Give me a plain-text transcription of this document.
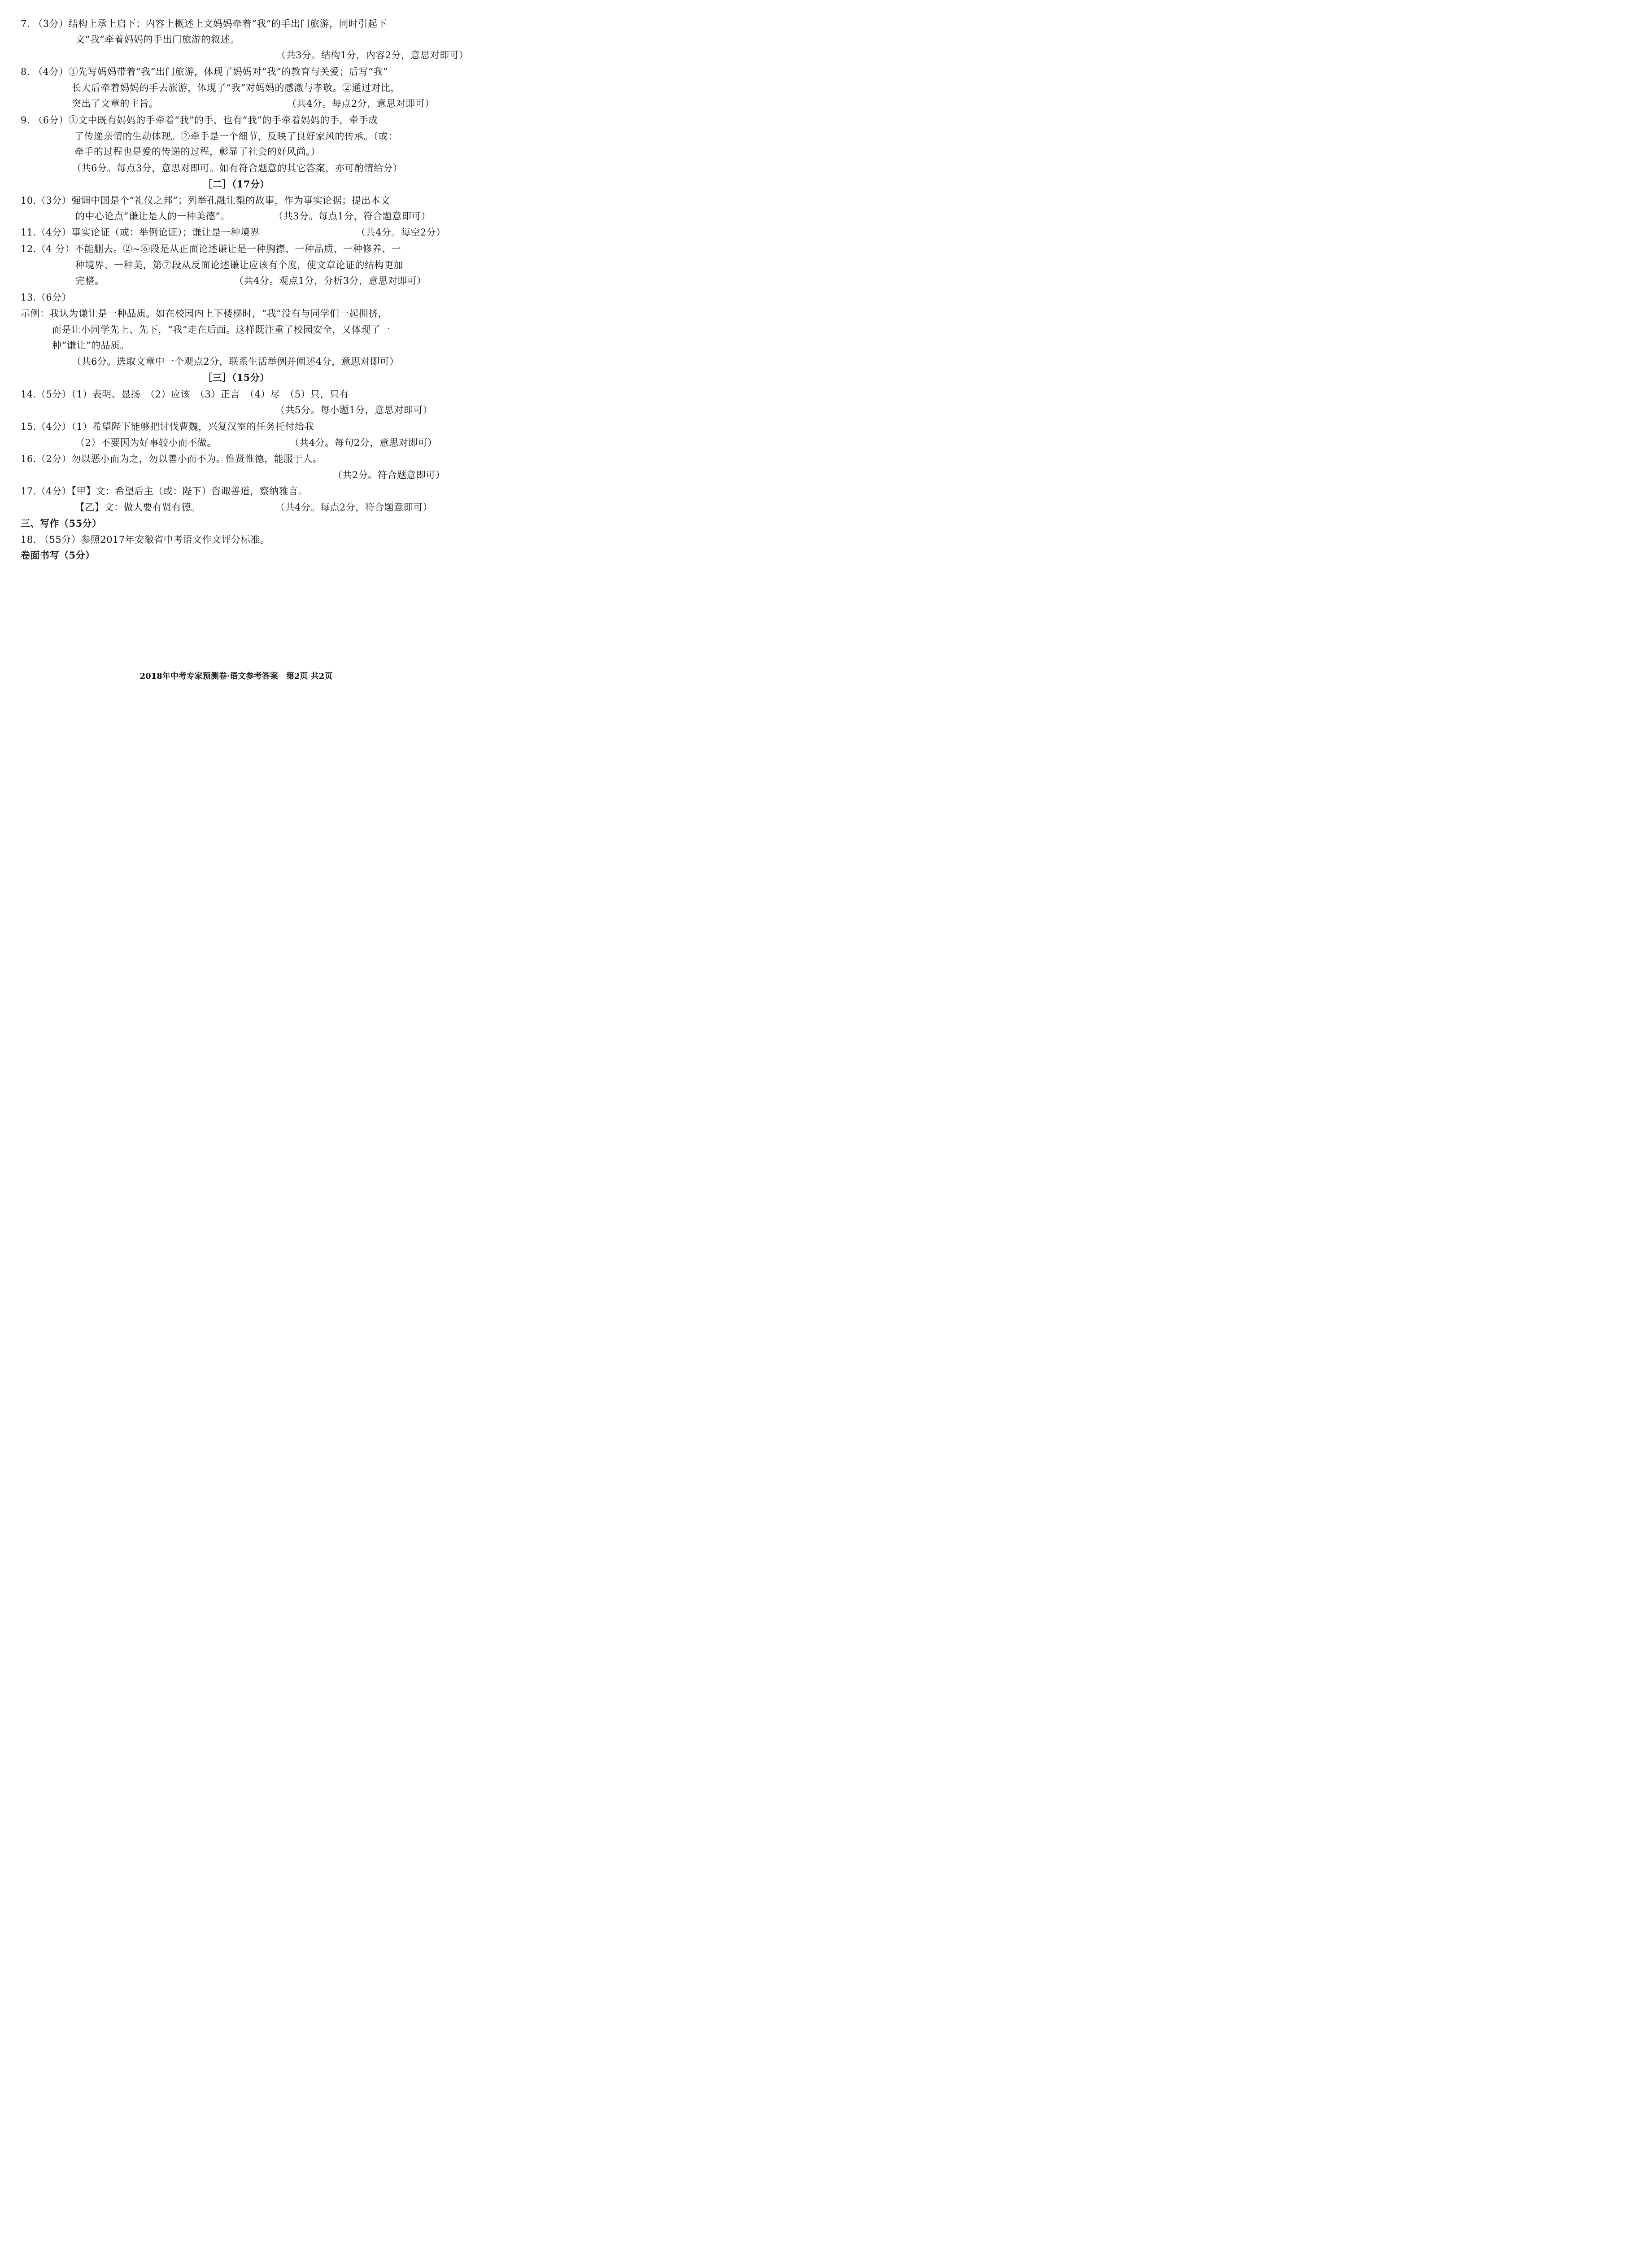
7. （3分）结构上承上启下；内容上概述上文妈妈牵着“我”的手出门旅游，同时引起下
文“我”牵着妈妈的手出门旅游的叙述。
（共3分。结构1分，内容2分，意思对即可）
8. （4分）①先写妈妈带着“我”出门旅游，体现了妈妈对“我”的教育与关爱；后写“我”
长大后牵着妈妈的手去旅游，体现了“我”对妈妈的感激与孝敬。②通过对比，
突出了文章的主旨。	（共4分。每点2分，意思对即可）
9. （6分）①文中既有妈妈的手牵着“我”的手，也有“我”的手牵着妈妈的手，牵手成
了传递亲情的生动体现。②牵手是一个细节，反映了良好家风的传承。（或：
牵手的过程也是爱的传递的过程，彰显了社会的好风尚。）
（共6分。每点3分，意思对即可。如有符合题意的其它答案，亦可酌情给分）
［二］（17分）
10.（3分）强调中国是个“礼仪之邦”；列举孔融让梨的故事，作为事实论据；提出本文
的中心论点“谦让是人的一种美德”。	（共3分。每点1分，符合题意即可）
11.（4分）事实论证（或：举例论证）；谦让是一种境界	（共4分。每空2分）
12.（4 分）不能删去。②~⑥段是从正面论述谦让是一种胸襟、一种品质、一种修养、一
种境界、一种美，第⑦段从反面论述谦让应该有个度，使文章论证的结构更加
完整。	（共4分。观点1分，分析3分，意思对即可）
13.（6分）
示例：我认为谦让是一种品质。如在校园内上下楼梯时，“我”没有与同学们一起拥挤，
而是让小同学先上、先下，“我”走在后面。这样既注重了校园安全，又体现了一
种“谦让”的品质。
（共6分。选取文章中一个观点2分，联系生活举例并阐述4分，意思对即可）
［三］（15分）
14.（5分）（1）表明、显扬　（2）应该　（3）正言　（4）尽　（5）只，只有
（共5分。每小题1分，意思对即可）
15.（4分）（1）希望陛下能够把讨伐曹魏，兴复汉室的任务托付给我
（2）不要因为好事较小而不做。	（共4分。每句2分，意思对即可）
16.（2分）勿以恶小而为之，勿以善小而不为。惟贤惟德，能服于人。
（共2分。符合题意即可）
17.（4分）【甲】文：希望后主（或：陛下）咨诹善道，察纳雅言。
【乙】文：做人要有贤有德。	（共4分。每点2分，符合题意即可）
三、写作（55分）
18. （55分）参照2017年安徽省中考语文作文评分标准。
卷面书写（5分）
2018年中考专家预测卷·语文参考答案　第2页 共2页
